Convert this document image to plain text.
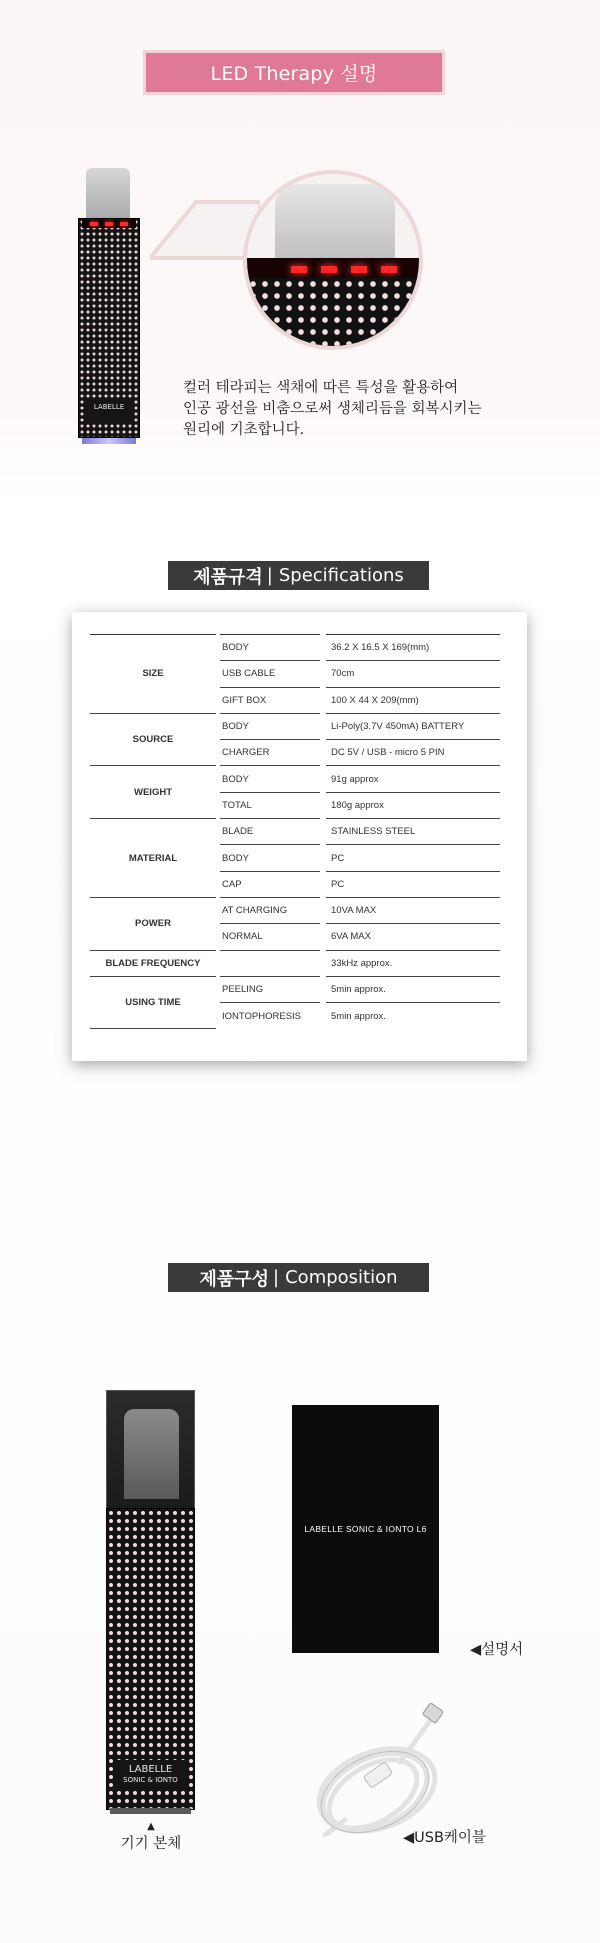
LED Therapy 설명
LABELLE

컬러 테라피는 색채에 따른 특성을 활용하여

인공 광선을 비춤으로써 생체리듬을 회복시키는

원리에 기초합니다.

제품규격 | Specifications
SIZE		BODY		36.2 X 16.5 X 169(mm)
		USB CABLE		70cm
		GIFT BOX		100 X 44 X 209(mm)
SOURCE		BODY		Li-Poly(3.7V 450mA) BATTERY
		CHARGER		DC 5V / USB - micro 5 PIN
WEIGHT		BODY		91g approx
		TOTAL		180g approx
MATERIAL		BLADE		STAINLESS STEEL
		BODY		PC
		CAP		PC
POWER		AT CHARGING		10VA MAX
		NORMAL		6VA MAX
BLADE FREQUENCY				33kHz approx.
USING TIME		PEELING		5min approx.
		IONTOPHORESIS		5min approx.
제품구성 | Composition
LABELLE
SONIC & IONTO
▲
기기 본체
LABELLE SONIC & IONTO L6
◀설명서
◀USB케이블
